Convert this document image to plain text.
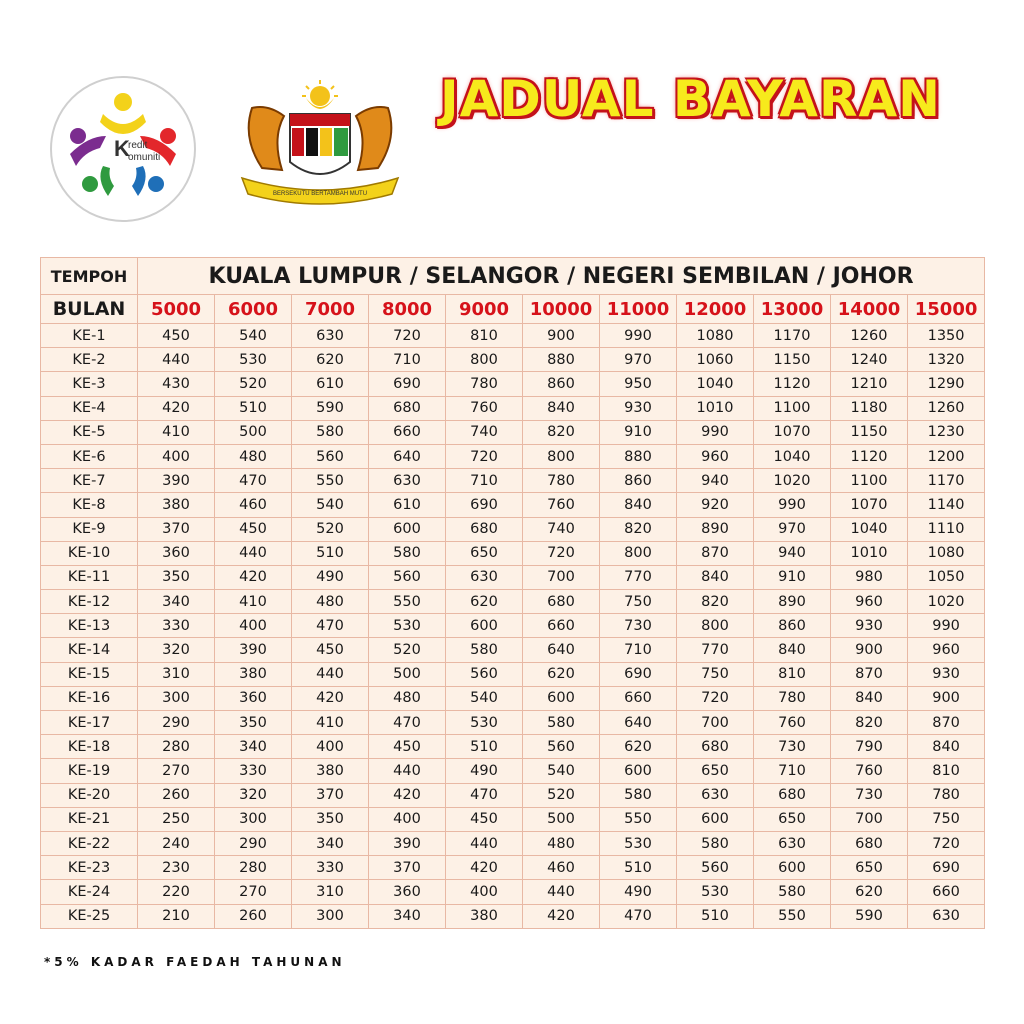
K
redit
omuniti
BERSEKUTU BERTAMBAH MUTU
JADUAL BAYARAN
TEMPOH	KUALA LUMPUR / SELANGOR / NEGERI SEMBILAN / JOHOR										
BULAN	5000	6000	7000	8000	9000	10000	11000	12000	13000	14000	15000
KE-1	450	540	630	720	810	900	990	1080	1170	1260	1350
KE-2	440	530	620	710	800	880	970	1060	1150	1240	1320
KE-3	430	520	610	690	780	860	950	1040	1120	1210	1290
KE-4	420	510	590	680	760	840	930	1010	1100	1180	1260
KE-5	410	500	580	660	740	820	910	990	1070	1150	1230
KE-6	400	480	560	640	720	800	880	960	1040	1120	1200
KE-7	390	470	550	630	710	780	860	940	1020	1100	1170
KE-8	380	460	540	610	690	760	840	920	990	1070	1140
KE-9	370	450	520	600	680	740	820	890	970	1040	1110
KE-10	360	440	510	580	650	720	800	870	940	1010	1080
KE-11	350	420	490	560	630	700	770	840	910	980	1050
KE-12	340	410	480	550	620	680	750	820	890	960	1020
KE-13	330	400	470	530	600	660	730	800	860	930	990
KE-14	320	390	450	520	580	640	710	770	840	900	960
KE-15	310	380	440	500	560	620	690	750	810	870	930
KE-16	300	360	420	480	540	600	660	720	780	840	900
KE-17	290	350	410	470	530	580	640	700	760	820	870
KE-18	280	340	400	450	510	560	620	680	730	790	840
KE-19	270	330	380	440	490	540	600	650	710	760	810
KE-20	260	320	370	420	470	520	580	630	680	730	780
KE-21	250	300	350	400	450	500	550	600	650	700	750
KE-22	240	290	340	390	440	480	530	580	630	680	720
KE-23	230	280	330	370	420	460	510	560	600	650	690
KE-24	220	270	310	360	400	440	490	530	580	620	660
KE-25	210	260	300	340	380	420	470	510	550	590	630
*5% KADAR FAEDAH TAHUNAN
